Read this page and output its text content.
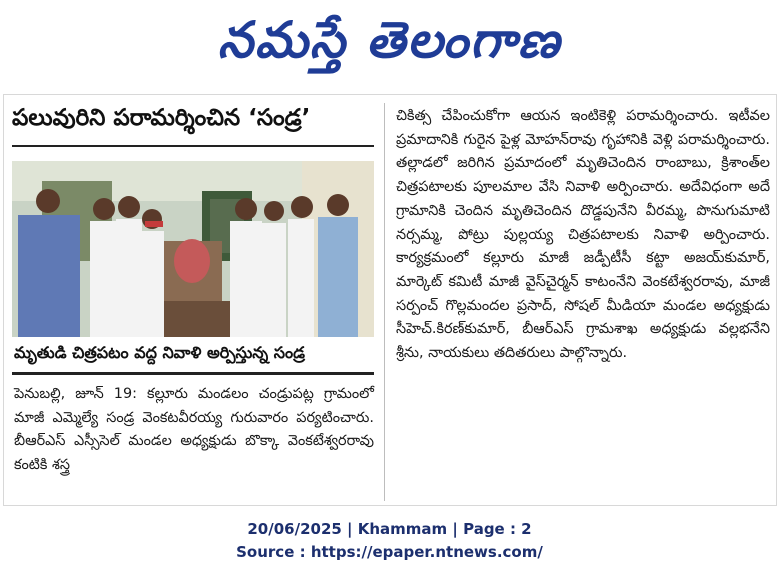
నమస్తే తెలంగాణ
పలువురిని పరామర్శించిన ‘సండ్ర’
మృతుడి చిత్రపటం వద్ద నివాళి అర్పిస్తున్న సండ్ర
పెనుబల్లి, జూన్ 19: కల్లూరు మండలం చండ్రుపట్ల గ్రామంలో మాజీ ఎమ్మెల్యే సండ్ర వెంకటవీరయ్య గురువారం పర్యటించారు. బీఆర్‌ఎస్ ఎస్సీసెల్ మండల అధ్యక్షుడు బొక్కా వెంకటేశ్వరరావు కంటికి శస్త్ర
చికిత్స చేపించుకోగా ఆయన ఇంటికెళ్లి పరామర్శించారు. ఇటీవల ప్రమాదానికి గురైన పైళ్ల మోహన్‌రావు గృహానికి వెళ్లి పరామర్శించారు. తల్లాడలో జరిగిన ప్రమాదంలో మృతిచెందిన రాంబాబు, క్రిశాంత్‌ల చిత్రపటాలకు పూలమాల వేసి నివాళి అర్పించారు. అదేవిధంగా అదే గ్రామానికి చెందిన మృతిచెందిన దొడ్డపునేని వీరమ్మ, పొనుగుమాటి నర్సమ్మ, పోట్రు పుల్లయ్య చిత్రపటాలకు నివాళి అర్పించారు. కార్యక్రమంలో కల్లూరు మాజీ జడ్పీటీసీ కట్టా అజయ్‌కుమార్, మార్కెట్ కమిటీ మాజీ వైస్‌చైర్మన్ కాటంనేని వెంకటేశ్వరరావు, మాజీ సర్పంచ్ గొల్లమందల ప్రసాద్, సోషల్ మీడియా మండల అధ్యక్షుడు సీహెచ్.కిరణ్‌కుమార్, బీఆర్‌ఎస్ గ్రామశాఖ అధ్యక్షుడు వల్లభనేని శ్రీను, నాయకులు తదితరులు పాల్గొన్నారు.
20/06/2025 | Khammam | Page : 2
Source : https://epaper.ntnews.com/
